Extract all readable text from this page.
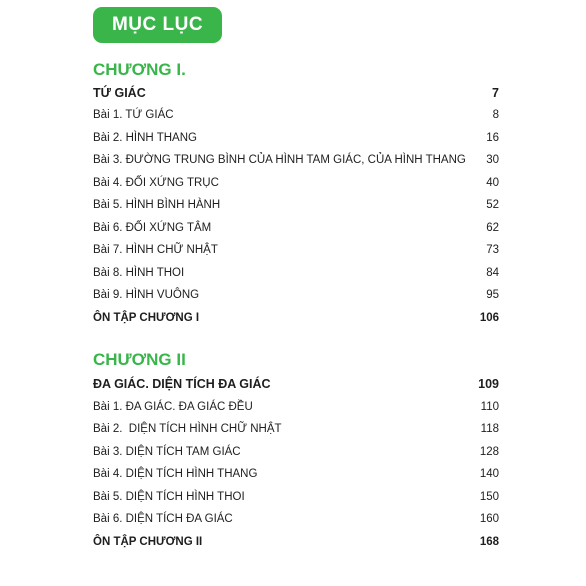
MỤC LỤC
CHƯƠNG I.
TỨ GIÁC	7
Bài 1. TỨ GIÁC	8
Bài 2. HÌNH THANG	16
Bài 3. ĐƯỜNG TRUNG BÌNH CỦA HÌNH TAM GIÁC, CỦA HÌNH THANG 30
Bài 4. ĐỐI XỨNG TRỤC	40
Bài 5. HÌNH BÌNH HÀNH	52
Bài 6. ĐỐI XỨNG TÂM	62
Bài 7. HÌNH CHỮ NHẬT	73
Bài 8. HÌNH THOI	84
Bài 9. HÌNH VUÔNG	95
ÔN TẬP CHƯƠNG I	106
CHƯƠNG II
ĐA GIÁC. DIỆN TÍCH ĐA GIÁC	109
Bài 1. ĐA GIÁC. ĐA GIÁC ĐỀU	110
Bài 2.  DIỆN TÍCH HÌNH CHỮ NHẬT	118
Bài 3. DIỆN TÍCH TAM GIÁC	128
Bài 4. DIỆN TÍCH HÌNH THANG	140
Bài 5. DIỆN TÍCH HÌNH THOI	150
Bài 6. DIỆN TÍCH ĐA GIÁC	160
ÔN TẬP CHƯƠNG II	168
